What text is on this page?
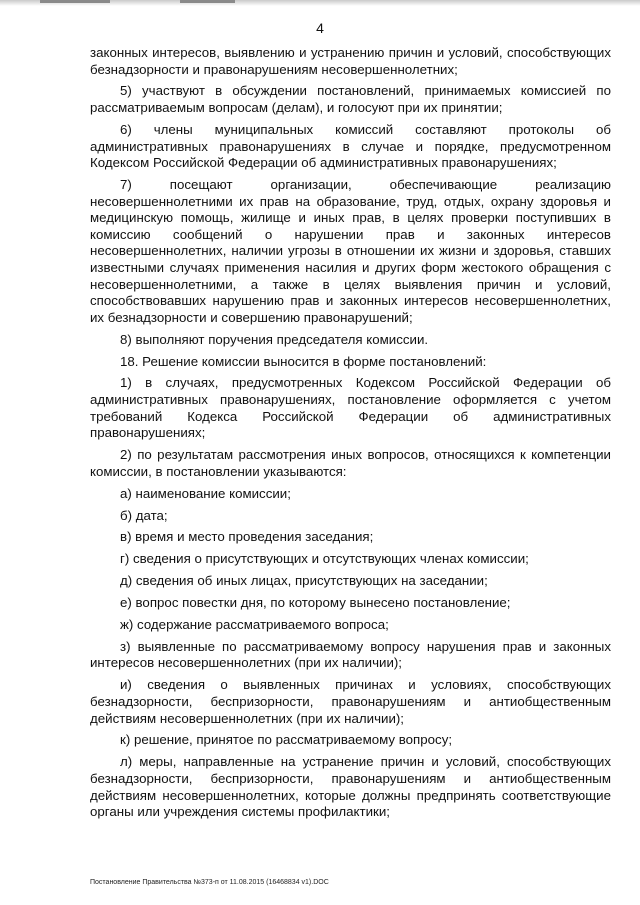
4

законных интересов, выявлению и устранению причин и условий, способствующих безнадзорности и правонарушениям несовершеннолетних;

5) участвуют в обсуждении постановлений, принимаемых комиссией по рассматриваемым вопросам (делам), и голосуют при их принятии;

6) члены муниципальных комиссий составляют протоколы об административных правонарушениях в случае и порядке, предусмотренном Кодексом Российской Федерации об административных правонарушениях;

7) посещают организации, обеспечивающие реализацию несовершеннолетними их прав на образование, труд, отдых, охрану здоровья и медицинскую помощь, жилище и иных прав, в целях проверки поступивших в комиссию сообщений о нарушении прав и законных интересов несовершеннолетних, наличии угрозы в отношении их жизни и здоровья, ставших известными случаях применения насилия и других форм жестокого обращения с несовершеннолетними, а также в целях выявления причин и условий, способствовавших нарушению прав и законных интересов несовершеннолетних, их безнадзорности и совершению правонарушений;

8) выполняют поручения председателя комиссии.

18. Решение комиссии выносится в форме постановлений:

1) в случаях, предусмотренных Кодексом Российской Федерации об административных правонарушениях, постановление оформляется с учетом требований Кодекса Российской Федерации об административных правонарушениях;

2) по результатам рассмотрения иных вопросов, относящихся к компетенции комиссии, в постановлении указываются:

а) наименование комиссии;

б) дата;

в) время и место проведения заседания;

г) сведения о присутствующих и отсутствующих членах комиссии;

д) сведения об иных лицах, присутствующих на заседании;

е) вопрос повестки дня, по которому вынесено постановление;

ж) содержание рассматриваемого вопроса;

з) выявленные по рассматриваемому вопросу нарушения прав и законных интересов несовершеннолетних (при их наличии);

и) сведения о выявленных причинах и условиях, способствующих безнадзорности, беспризорности, правонарушениям и антиобщественным действиям несовершеннолетних (при их наличии);

к) решение, принятое по рассматриваемому вопросу;

л) меры, направленные на устранение причин и условий, способствующих безнадзорности, беспризорности, правонарушениям и антиобщественным действиям несовершеннолетних, которые должны предпринять соответствующие органы или учреждения системы профилактики;

Постановление Правительства №373-п от 11.08.2015 (16468834 v1).DOC
